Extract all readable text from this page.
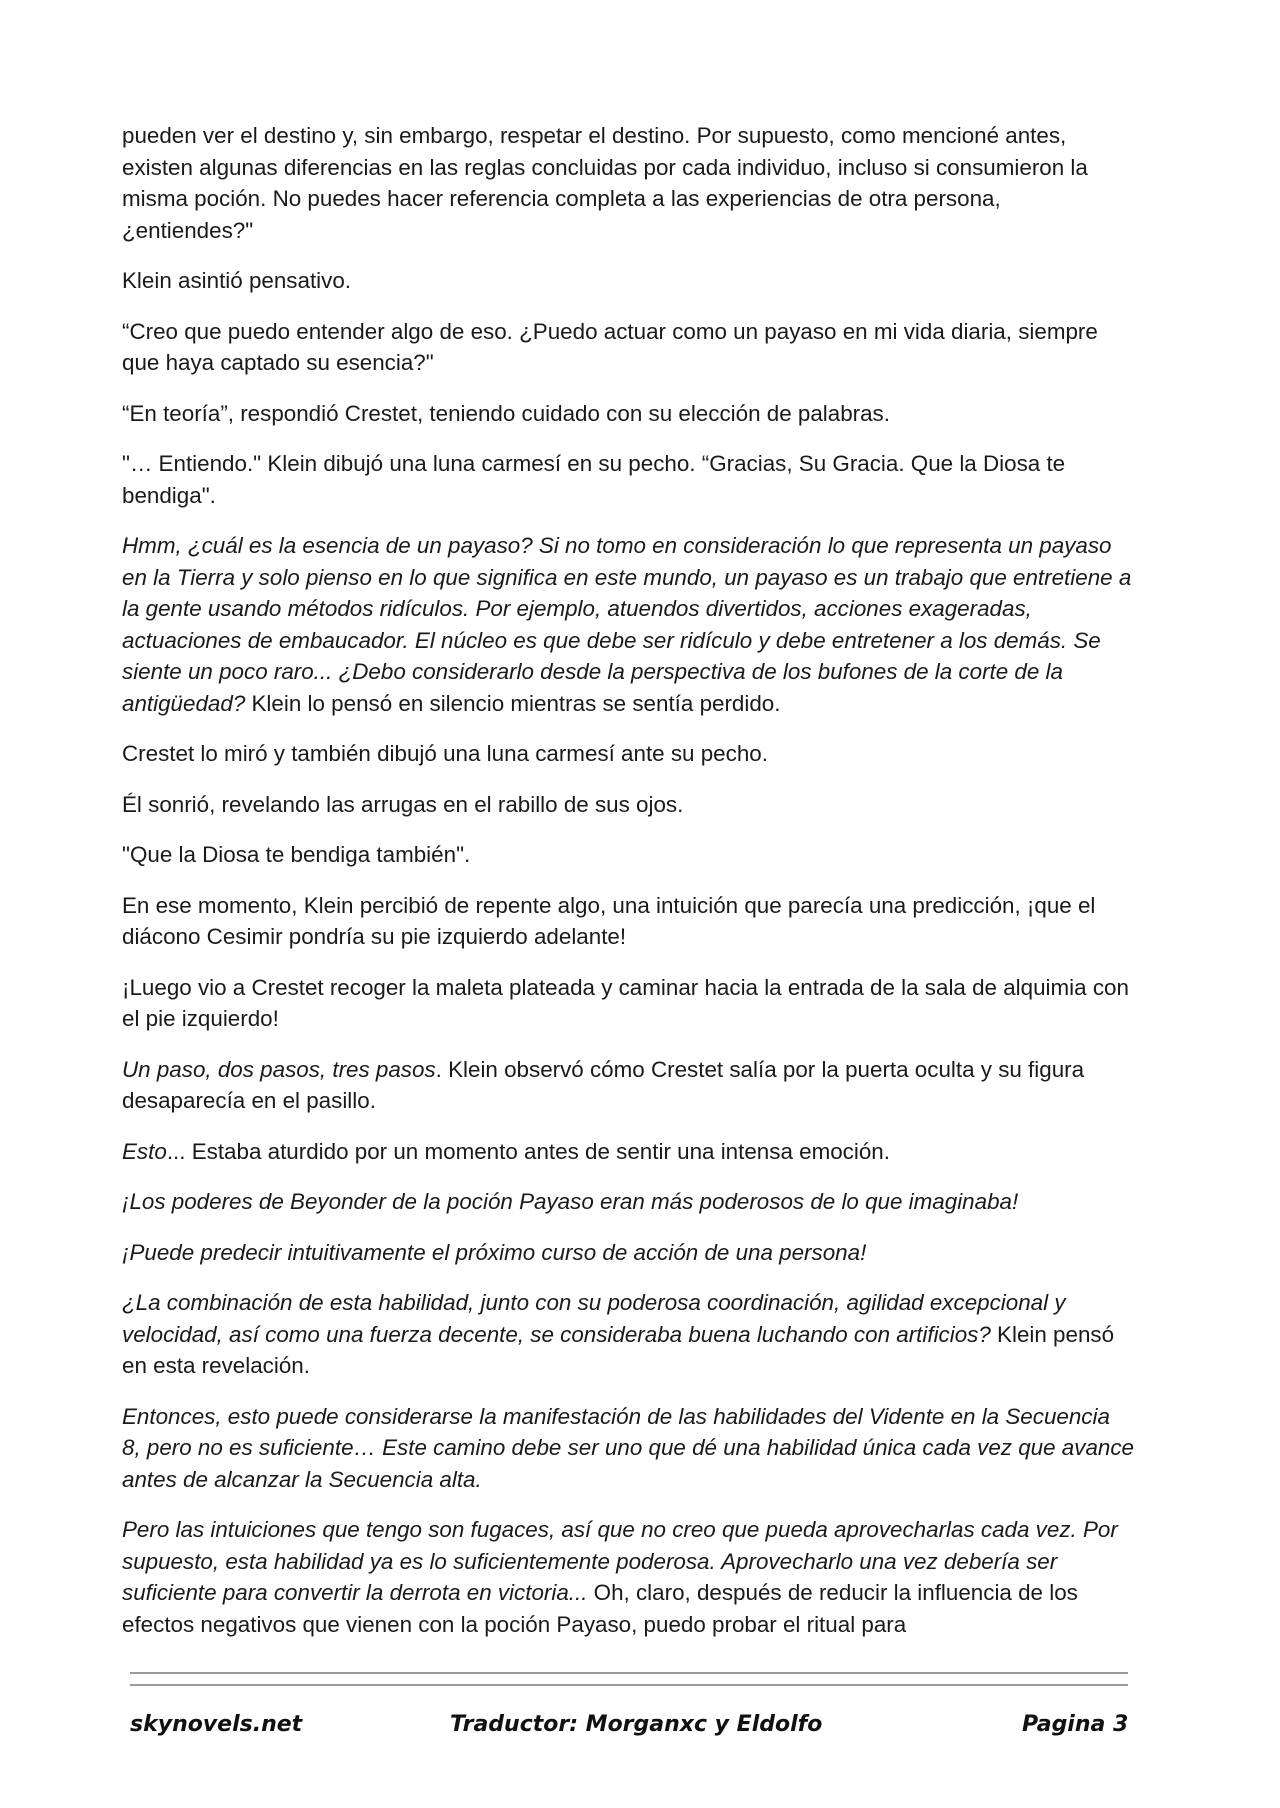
pueden ver el destino y, sin embargo, respetar el destino. Por supuesto, como mencioné antes, existen algunas diferencias en las reglas concluidas por cada individuo, incluso si consumieron la misma poción. No puedes hacer referencia completa a las experiencias de otra persona, ¿entiendes?"

Klein asintió pensativo.

“Creo que puedo entender algo de eso. ¿Puedo actuar como un payaso en mi vida diaria, siempre que haya captado su esencia?"

“En teoría”, respondió Crestet, teniendo cuidado con su elección de palabras.

"… Entiendo." Klein dibujó una luna carmesí en su pecho. “Gracias, Su Gracia. Que la Diosa te bendiga".

Hmm, ¿cuál es la esencia de un payaso? Si no tomo en consideración lo que representa un payaso en la Tierra y solo pienso en lo que significa en este mundo, un payaso es un trabajo que entretiene a la gente usando métodos ridículos. Por ejemplo, atuendos divertidos, acciones exageradas, actuaciones de embaucador. El núcleo es que debe ser ridículo y debe entretener a los demás. Se siente un poco raro... ¿Debo considerarlo desde la perspectiva de los bufones de la corte de la antigüedad? Klein lo pensó en silencio mientras se sentía perdido.

Crestet lo miró y también dibujó una luna carmesí ante su pecho.

Él sonrió, revelando las arrugas en el rabillo de sus ojos.

"Que la Diosa te bendiga también".

En ese momento, Klein percibió de repente algo, una intuición que parecía una predicción, ¡que el diácono Cesimir pondría su pie izquierdo adelante!

¡Luego vio a Crestet recoger la maleta plateada y caminar hacia la entrada de la sala de alquimia con el pie izquierdo!

Un paso, dos pasos, tres pasos. Klein observó cómo Crestet salía por la puerta oculta y su figura desaparecía en el pasillo.

Esto... Estaba aturdido por un momento antes de sentir una intensa emoción.

¡Los poderes de Beyonder de la poción Payaso eran más poderosos de lo que imaginaba!

¡Puede predecir intuitivamente el próximo curso de acción de una persona!

¿La combinación de esta habilidad, junto con su poderosa coordinación, agilidad excepcional y velocidad, así como una fuerza decente, se consideraba buena luchando con artificios? Klein pensó en esta revelación.

Entonces, esto puede considerarse la manifestación de las habilidades del Vidente en la Secuencia 8, pero no es suficiente… Este camino debe ser uno que dé una habilidad única cada vez que avance antes de alcanzar la Secuencia alta.

Pero las intuiciones que tengo son fugaces, así que no creo que pueda aprovecharlas cada vez. Por supuesto, esta habilidad ya es lo suficientemente poderosa. Aprovecharlo una vez debería ser suficiente para convertir la derrota en victoria... Oh, claro, después de reducir la influencia de los efectos negativos que vienen con la poción Payaso, puedo probar el ritual para

skynovels.net	Traductor: Morganxc y Eldolfo	Pagina 3
